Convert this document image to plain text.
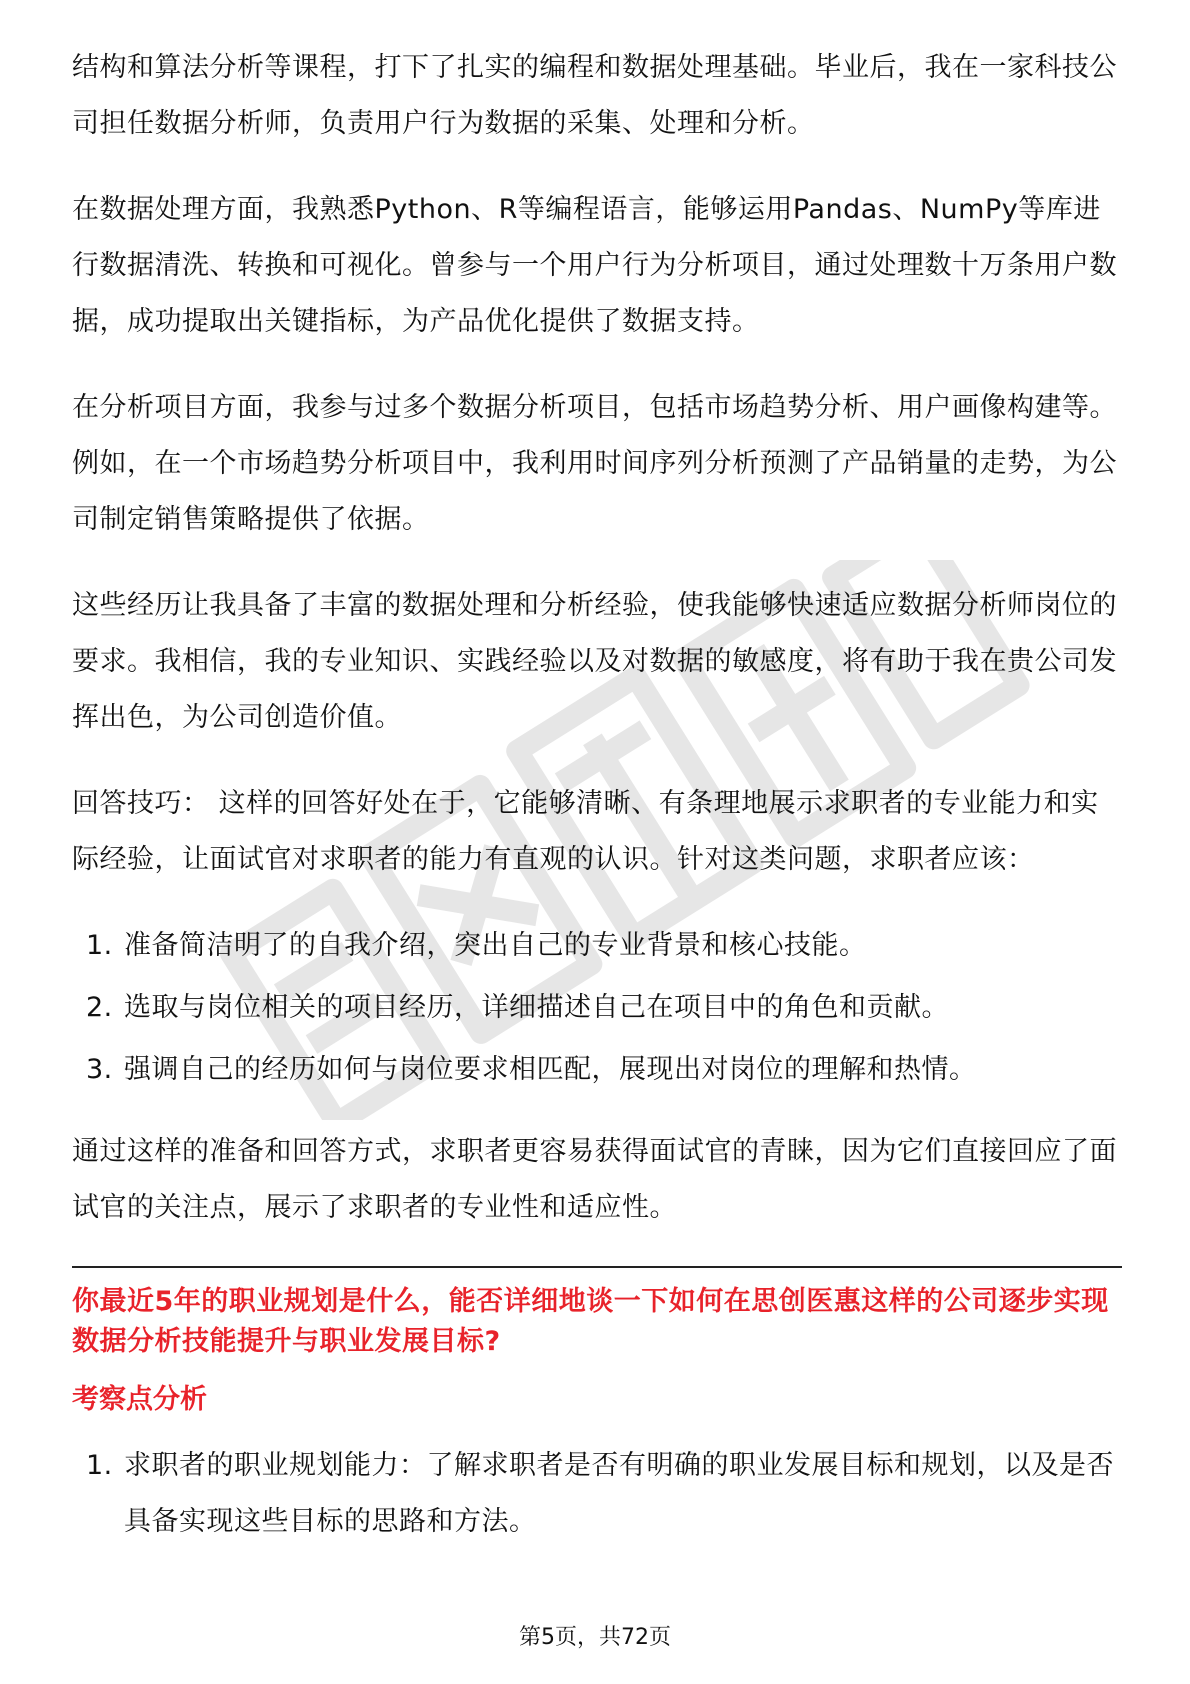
结构和算法分析等课程，打下了扎实的编程和数据处理基础。毕业后，我在一家科技公司担任数据分析师，负责用户行为数据的采集、处理和分析。

在数据处理方面，我熟悉Python、R等编程语言，能够运用Pandas、NumPy等库进行数据清洗、转换和可视化。曾参与一个用户行为分析项目，通过处理数十万条用户数据，成功提取出关键指标，为产品优化提供了数据支持。

在分析项目方面，我参与过多个数据分析项目，包括市场趋势分析、用户画像构建等。例如，在一个市场趋势分析项目中，我利用时间序列分析预测了产品销量的走势，为公司制定销售策略提供了依据。

这些经历让我具备了丰富的数据处理和分析经验，使我能够快速适应数据分析师岗位的要求。我相信，我的专业知识、实践经验以及对数据的敏感度，将有助于我在贵公司发挥出色，为公司创造价值。

回答技巧： 这样的回答好处在于，它能够清晰、有条理地展示求职者的专业能力和实际经验，让面试官对求职者的能力有直观的认识。针对这类问题，求职者应该：

1. 准备简洁明了的自我介绍，突出自己的专业背景和核心技能。
2. 选取与岗位相关的项目经历，详细描述自己在项目中的角色和贡献。
3. 强调自己的经历如何与岗位要求相匹配，展现出对岗位的理解和热情。

通过这样的准备和回答方式，求职者更容易获得面试官的青睐，因为它们直接回应了面试官的关注点，展示了求职者的专业性和适应性。

你最近5年的职业规划是什么，能否详细地谈一下如何在思创医惠这样的公司逐步实现数据分析技能提升与职业发展目标?
考察点分析
1. 求职者的职业规划能力：了解求职者是否有明确的职业发展目标和规划，以及是否具备实现这些目标的思路和方法。
第5页，共72页
